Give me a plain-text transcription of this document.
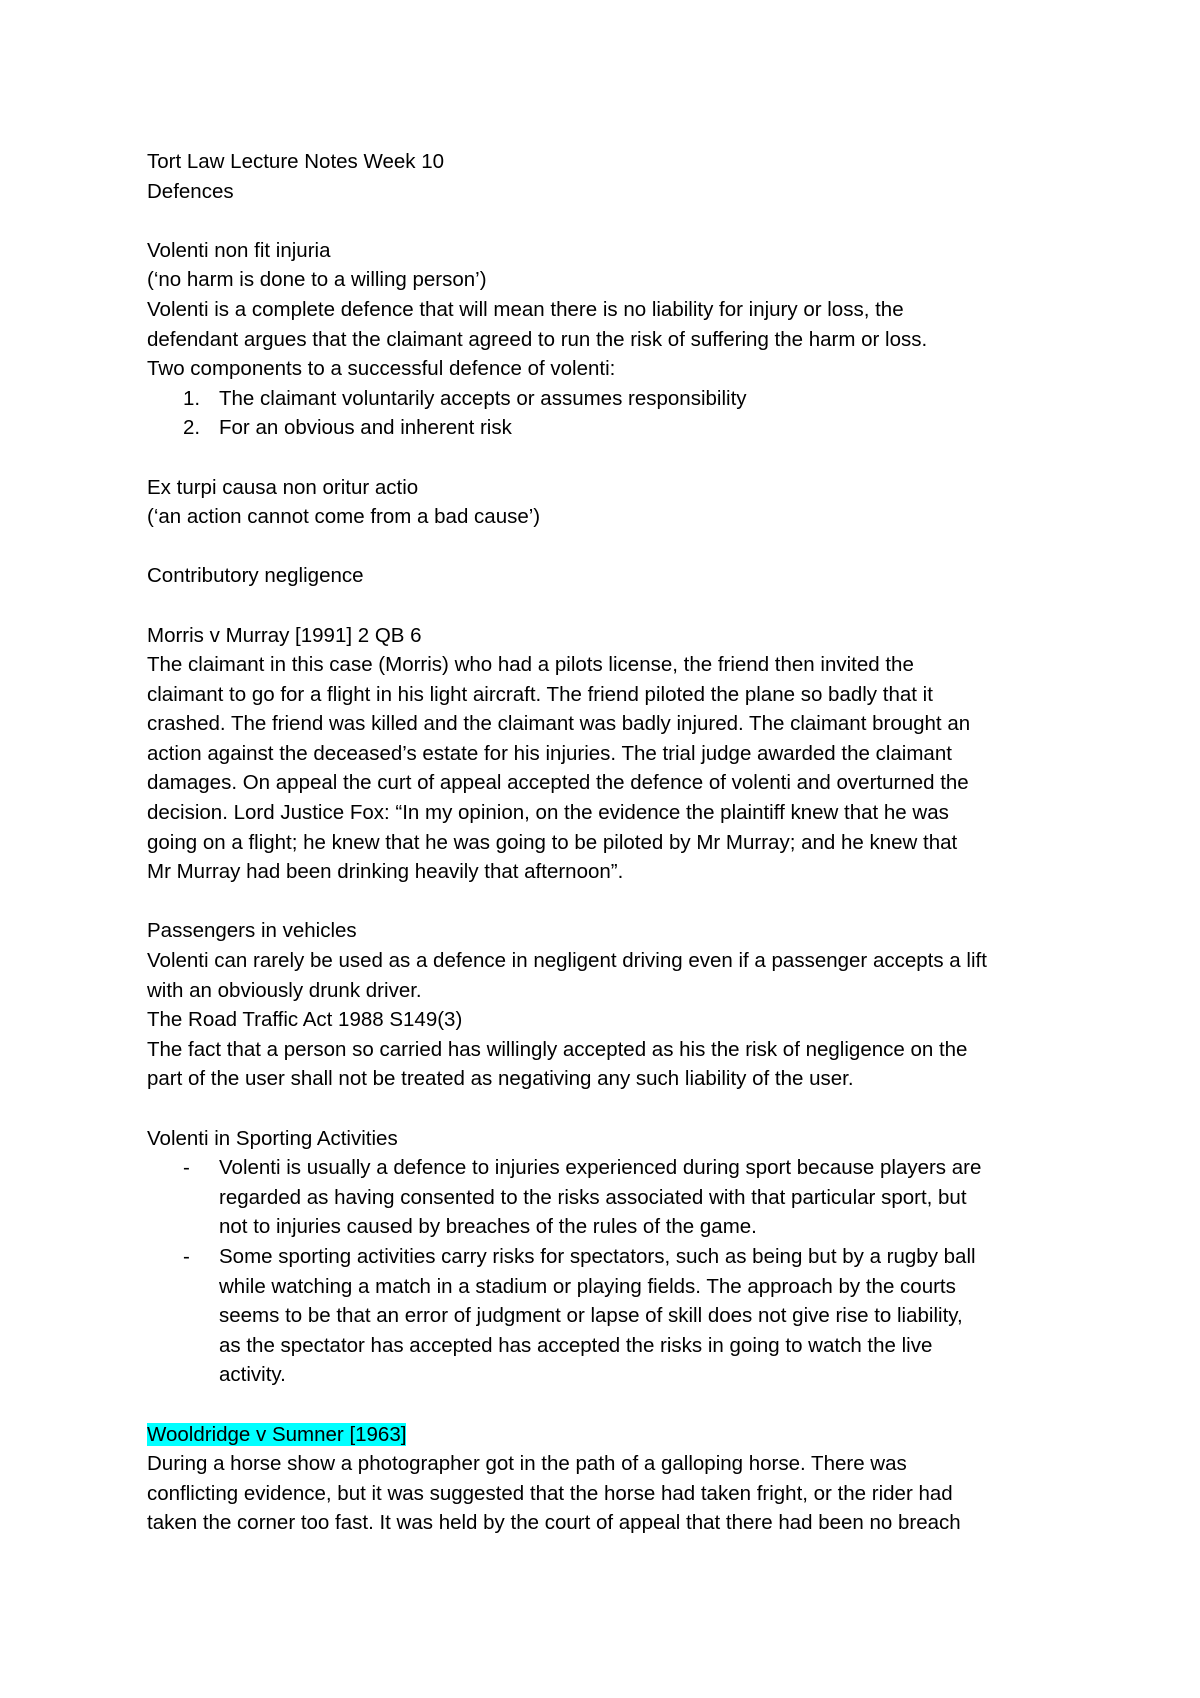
Tort Law Lecture Notes Week 10
Defences
Volenti non fit injuria
(‘no harm is done to a willing person’)
Volenti is a complete defence that will mean there is no liability for injury or loss, the
defendant argues that the claimant agreed to run the risk of suffering the harm or loss.
Two components to a successful defence of volenti:
1. The claimant voluntarily accepts or assumes responsibility
2. For an obvious and inherent risk
Ex turpi causa non oritur actio
(‘an action cannot come from a bad cause’)
Contributory negligence
Morris v Murray [1991] 2 QB 6
The claimant in this case (Morris) who had a pilots license, the friend then invited the
claimant to go for a flight in his light aircraft. The friend piloted the plane so badly that it
crashed. The friend was killed and the claimant was badly injured. The claimant brought an
action against the deceased’s estate for his injuries. The trial judge awarded the claimant
damages. On appeal the curt of appeal accepted the defence of volenti and overturned the
decision. Lord Justice Fox: “In my opinion, on the evidence the plaintiff knew that he was
going on a flight; he knew that he was going to be piloted by Mr Murray; and he knew that
Mr Murray had been drinking heavily that afternoon”.
Passengers in vehicles
Volenti can rarely be used as a defence in negligent driving even if a passenger accepts a lift
with an obviously drunk driver.
The Road Traffic Act 1988 S149(3)
The fact that a person so carried has willingly accepted as his the risk of negligence on the
part of the user shall not be treated as negativing any such liability of the user.
Volenti in Sporting Activities
- Volenti is usually a defence to injuries experienced during sport because players are
regarded as having consented to the risks associated with that particular sport, but
not to injuries caused by breaches of the rules of the game.
- Some sporting activities carry risks for spectators, such as being but by a rugby ball
while watching a match in a stadium or playing fields. The approach by the courts
seems to be that an error of judgment or lapse of skill does not give rise to liability,
as the spectator has accepted has accepted the risks in going to watch the live
activity.
Wooldridge v Sumner [1963]
During a horse show a photographer got in the path of a galloping horse. There was
conflicting evidence, but it was suggested that the horse had taken fright, or the rider had
taken the corner too fast. It was held by the court of appeal that there had been no breach
